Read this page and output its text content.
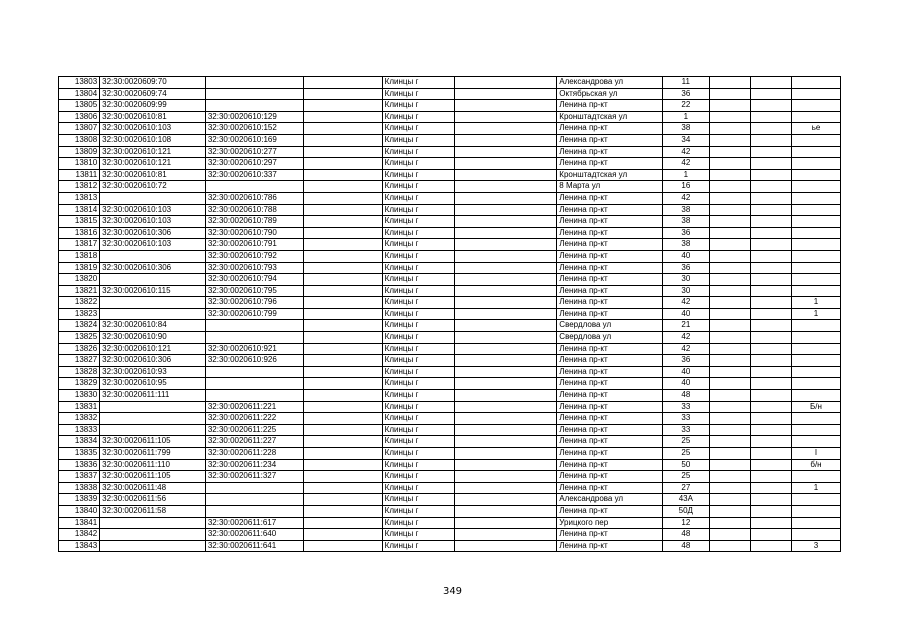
13803	32:30:0020609:70			Клинцы г		Александрова ул	11			
13804	32:30:0020609:74			Клинцы г		Октябрьская ул	36			
13805	32:30:0020609:99			Клинцы г		Ленина пр-кт	22			
13806	32:30:0020610:81	32:30:0020610:129		Клинцы г		Кронштадтская ул	1			
13807	32:30:0020610:103	32:30:0020610:152		Клинцы г		Ленина пр-кт	38			ье
13808	32:30:0020610:108	32:30:0020610:169		Клинцы г		Ленина пр-кт	34			
13809	32:30:0020610:121	32:30:0020610:277		Клинцы г		Ленина пр-кт	42			
13810	32:30:0020610:121	32:30:0020610:297		Клинцы г		Ленина пр-кт	42			
13811	32:30:0020610:81	32:30:0020610:337		Клинцы г		Кронштадтская ул	1			
13812	32:30:0020610:72			Клинцы г		8 Марта ул	16			
13813		32:30:0020610:786		Клинцы г		Ленина пр-кт	42			
13814	32:30:0020610:103	32:30:0020610:788		Клинцы г		Ленина пр-кт	38			
13815	32:30:0020610:103	32:30:0020610:789		Клинцы г		Ленина пр-кт	38			
13816	32:30:0020610:306	32:30:0020610:790		Клинцы г		Ленина пр-кт	36			
13817	32:30:0020610:103	32:30:0020610:791		Клинцы г		Ленина пр-кт	38			
13818		32:30:0020610:792		Клинцы г		Ленина пр-кт	40			
13819	32:30:0020610:306	32:30:0020610:793		Клинцы г		Ленина пр-кт	36			
13820		32:30:0020610:794		Клинцы г		Ленина пр-кт	30			
13821	32:30:0020610:115	32:30:0020610:795		Клинцы г		Ленина пр-кт	30			
13822		32:30:0020610:796		Клинцы г		Ленина пр-кт	42			1
13823		32:30:0020610:799		Клинцы г		Ленина пр-кт	40			1
13824	32:30:0020610:84			Клинцы г		Свердлова ул	21			
13825	32:30:0020610:90			Клинцы г		Свердлова ул	42			
13826	32:30:0020610:121	32:30:0020610:921		Клинцы г		Ленина пр-кт	42			
13827	32:30:0020610:306	32:30:0020610:926		Клинцы г		Ленина пр-кт	36			
13828	32:30:0020610:93			Клинцы г		Ленина пр-кт	40			
13829	32:30:0020610:95			Клинцы г		Ленина пр-кт	40			
13830	32:30:0020611:111			Клинцы г		Ленина пр-кт	48			
13831		32:30:0020611:221		Клинцы г		Ленина пр-кт	33			Б/н
13832		32:30:0020611:222		Клинцы г		Ленина пр-кт	33			
13833		32:30:0020611:225		Клинцы г		Ленина пр-кт	33			
13834	32:30:0020611:105	32:30:0020611:227		Клинцы г		Ленина пр-кт	25			
13835	32:30:0020611:799	32:30:0020611:228		Клинцы г		Ленина пр-кт	25			I
13836	32:30:0020611:110	32:30:0020611:234		Клинцы г		Ленина пр-кт	50			б/н
13837	32:30:0020611:105	32:30:0020611:327		Клинцы г		Ленина пр-кт	25			
13838	32:30:0020611:48			Клинцы г		Ленина пр-кт	27			1
13839	32:30:0020611:56			Клинцы г		Александрова ул	43А			
13840	32:30:0020611:58			Клинцы г		Ленина пр-кт	50Д			
13841		32:30:0020611:617		Клинцы г		Урицкого пер	12			
13842		32:30:0020611:640		Клинцы г		Ленина пр-кт	48			
13843		32:30:0020611:641		Клинцы г		Ленина пр-кт	48			3
349
